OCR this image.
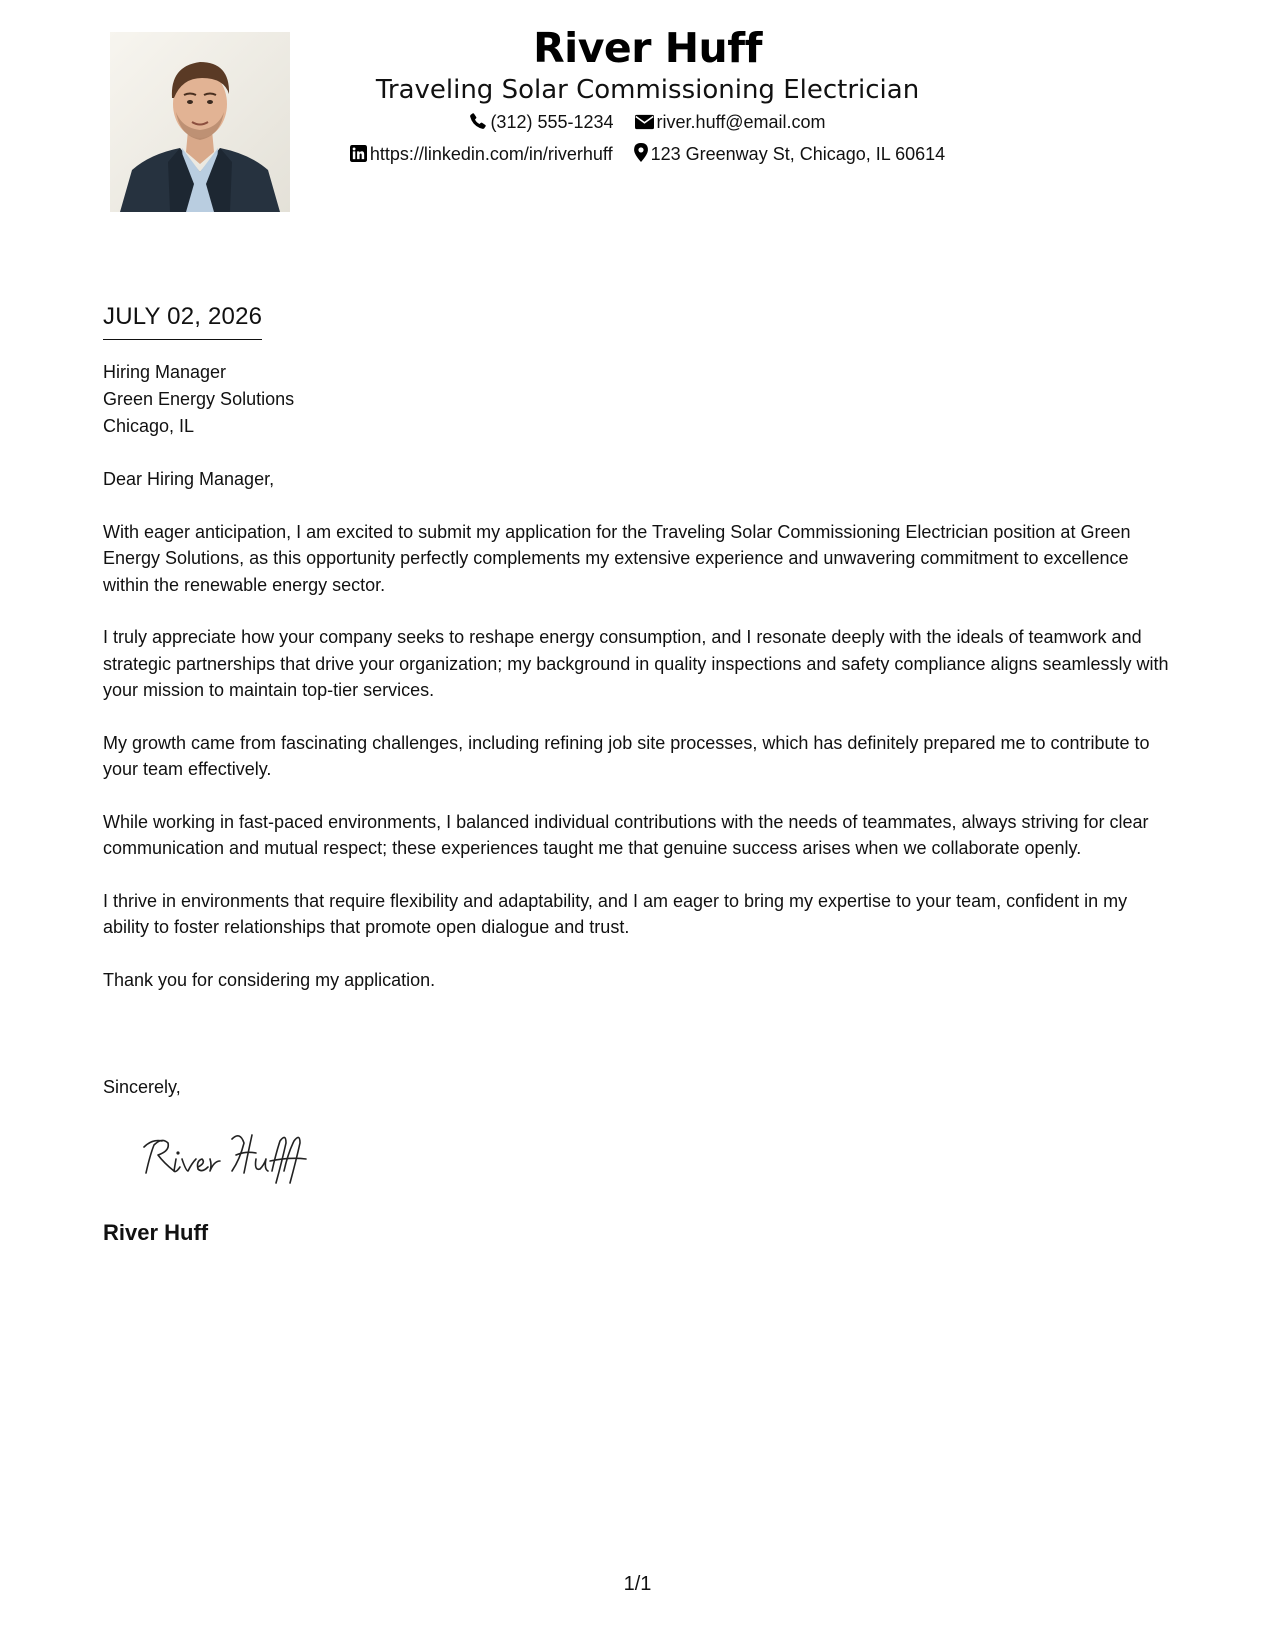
River Huff
Traveling Solar Commissioning Electrician
(312) 555-1234 river.huff@email.com
https://linkedin.com/in/riverhuff 123 Greenway St, Chicago, IL 60614
JULY 02, 2026
Hiring Manager
Green Energy Solutions
Chicago, IL

Dear Hiring Manager,

With eager anticipation, I am excited to submit my application for the Traveling Solar Commissioning Electrician position at Green Energy Solutions, as this opportunity perfectly complements my extensive experience and unwavering commitment to excellence within the renewable energy sector.

I truly appreciate how your company seeks to reshape energy consumption, and I resonate deeply with the ideals of teamwork and strategic partnerships that drive your organization; my background in quality inspections and safety compliance aligns seamlessly with your mission to maintain top-tier services.

My growth came from fascinating challenges, including refining job site processes, which has definitely prepared me to contribute to your team effectively.

While working in fast-paced environments, I balanced individual contributions with the needs of teammates, always striving for clear communication and mutual respect; these experiences taught me that genuine success arises when we collaborate openly.

I thrive in environments that require flexibility and adaptability, and I am eager to bring my expertise to your team, confident in my ability to foster relationships that promote open dialogue and trust.

Thank you for considering my application.

Sincerely,
River Huff
1/1
